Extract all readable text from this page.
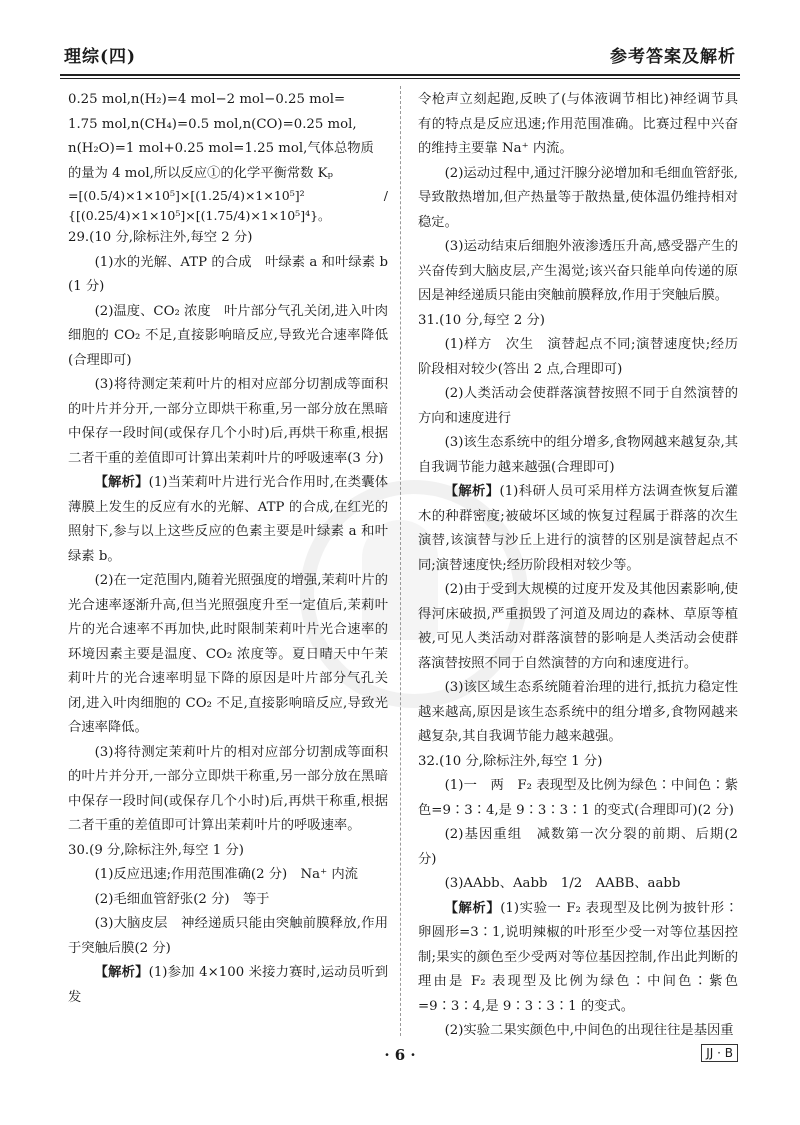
理综(四)	参考答案及解析

0.25 mol,n(H₂)=4 mol−2 mol−0.25 mol=

1.75 mol,n(CH₄)=0.5 mol,n(CO)=0.25 mol,

n(H₂O)=1 mol+0.25 mol=1.25 mol,气体总物质

的量为 4 mol,所以反应①的化学平衡常数 Kₚ

=[(0.5/4)×1×10⁵]×[(1.25/4)×1×10⁵]² / {[(0.25/4)×1×10⁵]×[(1.75/4)×1×10⁵]⁴}。

29.(10 分,除标注外,每空 2 分)

(1)水的光解、ATP 的合成　叶绿素 a 和叶绿素 b (1 分)

(2)温度、CO₂ 浓度　叶片部分气孔关闭,进入叶肉细胞的 CO₂ 不足,直接影响暗反应,导致光合速率降低(合理即可)

(3)将待测定茉莉叶片的相对应部分切割成等面积的叶片并分开,一部分立即烘干称重,另一部分放在黑暗中保存一段时间(或保存几个小时)后,再烘干称重,根据二者干重的差值即可计算出茉莉叶片的呼吸速率(3 分)

【解析】(1)当茉莉叶片进行光合作用时,在类囊体薄膜上发生的反应有水的光解、ATP 的合成,在红光的照射下,参与以上这些反应的色素主要是叶绿素 a 和叶绿素 b。

(2)在一定范围内,随着光照强度的增强,茉莉叶片的光合速率逐渐升高,但当光照强度升至一定值后,茉莉叶片的光合速率不再加快,此时限制茉莉叶片光合速率的环境因素主要是温度、CO₂ 浓度等。夏日晴天中午茉莉叶片的光合速率明显下降的原因是叶片部分气孔关闭,进入叶肉细胞的 CO₂ 不足,直接影响暗反应,导致光合速率降低。

(3)将待测定茉莉叶片的相对应部分切割成等面积的叶片并分开,一部分立即烘干称重,另一部分放在黑暗中保存一段时间(或保存几个小时)后,再烘干称重,根据二者干重的差值即可计算出茉莉叶片的呼吸速率。

30.(9 分,除标注外,每空 1 分)

(1)反应迅速;作用范围准确(2 分)　Na⁺ 内流

(2)毛细血管舒张(2 分)　等于

(3)大脑皮层　神经递质只能由突触前膜释放,作用于突触后膜(2 分)

【解析】(1)参加 4×100 米接力赛时,运动员听到发

令枪声立刻起跑,反映了(与体液调节相比)神经调节具有的特点是反应迅速;作用范围准确。比赛过程中兴奋的维持主要靠 Na⁺ 内流。

(2)运动过程中,通过汗腺分泌增加和毛细血管舒张,导致散热增加,但产热量等于散热量,使体温仍维持相对稳定。

(3)运动结束后细胞外液渗透压升高,感受器产生的兴奋传到大脑皮层,产生渴觉;该兴奋只能单向传递的原因是神经递质只能由突触前膜释放,作用于突触后膜。

31.(10 分,每空 2 分)

(1)样方　次生　演替起点不同;演替速度快;经历阶段相对较少(答出 2 点,合理即可)

(2)人类活动会使群落演替按照不同于自然演替的方向和速度进行

(3)该生态系统中的组分增多,食物网越来越复杂,其自我调节能力越来越强(合理即可)

【解析】(1)科研人员可采用样方法调查恢复后灌木的种群密度;被破坏区域的恢复过程属于群落的次生演替,该演替与沙丘上进行的演替的区别是演替起点不同;演替速度快;经历阶段相对较少等。

(2)由于受到大规模的过度开发及其他因素影响,使得河床破损,严重损毁了河道及周边的森林、草原等植被,可见人类活动对群落演替的影响是人类活动会使群落演替按照不同于自然演替的方向和速度进行。

(3)该区域生态系统随着治理的进行,抵抗力稳定性越来越高,原因是该生态系统中的组分增多,食物网越来越复杂,其自我调节能力越来越强。

32.(10 分,除标注外,每空 1 分)

(1)一　两　F₂ 表现型及比例为绿色∶中间色∶紫色=9∶3∶4,是 9∶3∶3∶1 的变式(合理即可)(2 分)

(2)基因重组　减数第一次分裂的前期、后期(2 分)

(3)AAbb、Aabb　1/2　AABB、aabb

【解析】(1)实验一 F₂ 表现型及比例为披针形∶卵圆形=3∶1,说明辣椒的叶形至少受一对等位基因控制;果实的颜色至少受两对等位基因控制,作出此判断的理由是 F₂ 表现型及比例为绿色∶中间色∶紫色=9∶3∶4,是 9∶3∶3∶1 的变式。

(2)实验二果实颜色中,中间色的出现往往是基因重

· 6 ·	JJ · B
